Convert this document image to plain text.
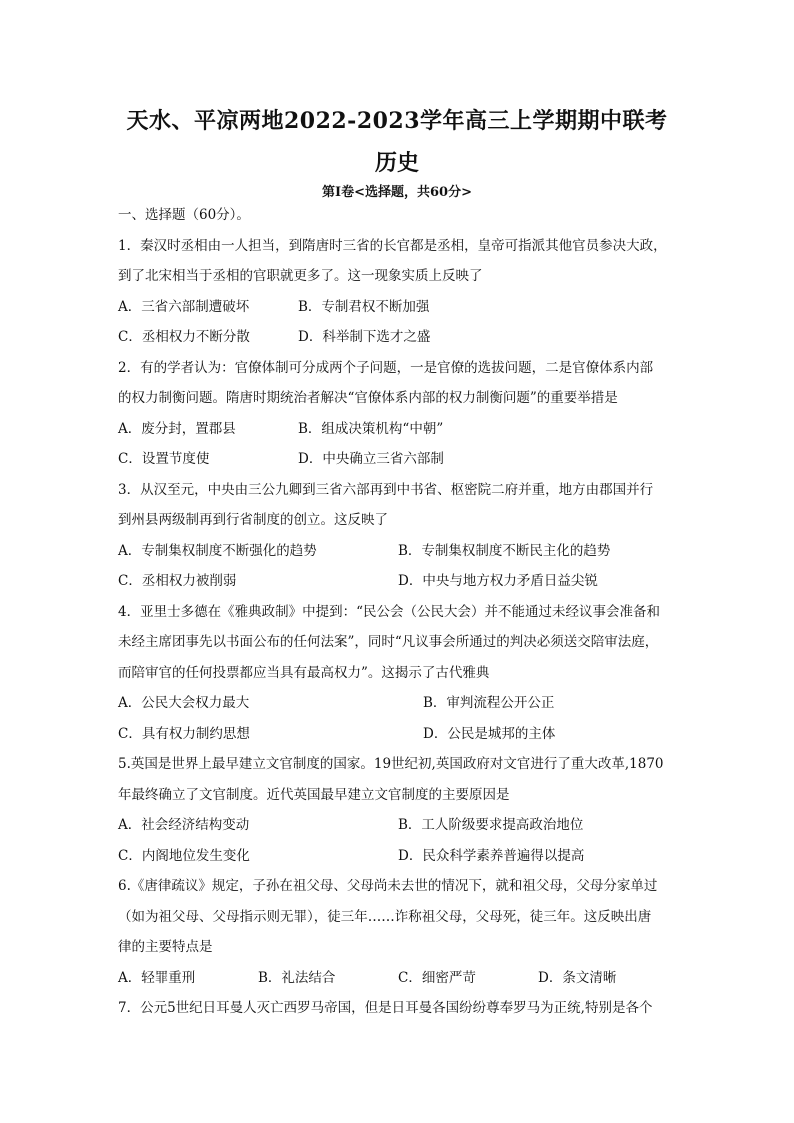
天水、平凉两地2022-2023学年高三上学期期中联考
历史
第I卷<选择题，共60分>
一、选择题（60分）。
1．秦汉时丞相由一人担当，到隋唐时三省的长官都是丞相，皇帝可指派其他官员参决大政，
到了北宋相当于丞相的官职就更多了。这一现象实质上反映了
A．三省六部制遭破坏	B．专制君权不断加强
C．丞相权力不断分散	D．科举制下选才之盛
2．有的学者认为：官僚体制可分成两个子问题，一是官僚的选拔问题，二是官僚体系内部
的权力制衡问题。隋唐时期统治者解决“官僚体系内部的权力制衡问题”的重要举措是
A．废分封，置郡县	B．组成决策机构“中朝”
C．设置节度使	D．中央确立三省六部制
3．从汉至元，中央由三公九卿到三省六部再到中书省、枢密院二府并重，地方由郡国并行
到州县两级制再到行省制度的创立。这反映了
A．专制集权制度不断强化的趋势	B．专制集权制度不断民主化的趋势
C．丞相权力被削弱	D．中央与地方权力矛盾日益尖锐
4．亚里士多德在《雅典政制》中提到：“民公会（公民大会）并不能通过未经议事会准备和
未经主席团事先以书面公布的任何法案”，同时“凡议事会所通过的判决必须送交陪审法庭，
而陪审官的任何投票都应当具有最高权力”。这揭示了古代雅典
A．公民大会权力最大	B．审判流程公开公正
C．具有权力制约思想	D．公民是城邦的主体
5.英国是世界上最早建立文官制度的国家。19世纪初,英国政府对文官进行了重大改革,1870
年最终确立了文官制度。近代英国最早建立文官制度的主要原因是
A．社会经济结构变动	B．工人阶级要求提高政治地位
C．内阁地位发生变化	D．民众科学素养普遍得以提高
6.《唐律疏议》规定，子孙在祖父母、父母尚未去世的情况下，就和祖父母，父母分家单过
（如为祖父母、父母指示则无罪），徒三年……诈称祖父母，父母死，徒三年。这反映出唐
律的主要特点是
A．轻罪重刑	B．礼法结合	C．细密严苛	D．条文清晰
7．公元5世纪日耳曼人灭亡西罗马帝国，但是日耳曼各国纷纷尊奉罗马为正统,特别是各个
